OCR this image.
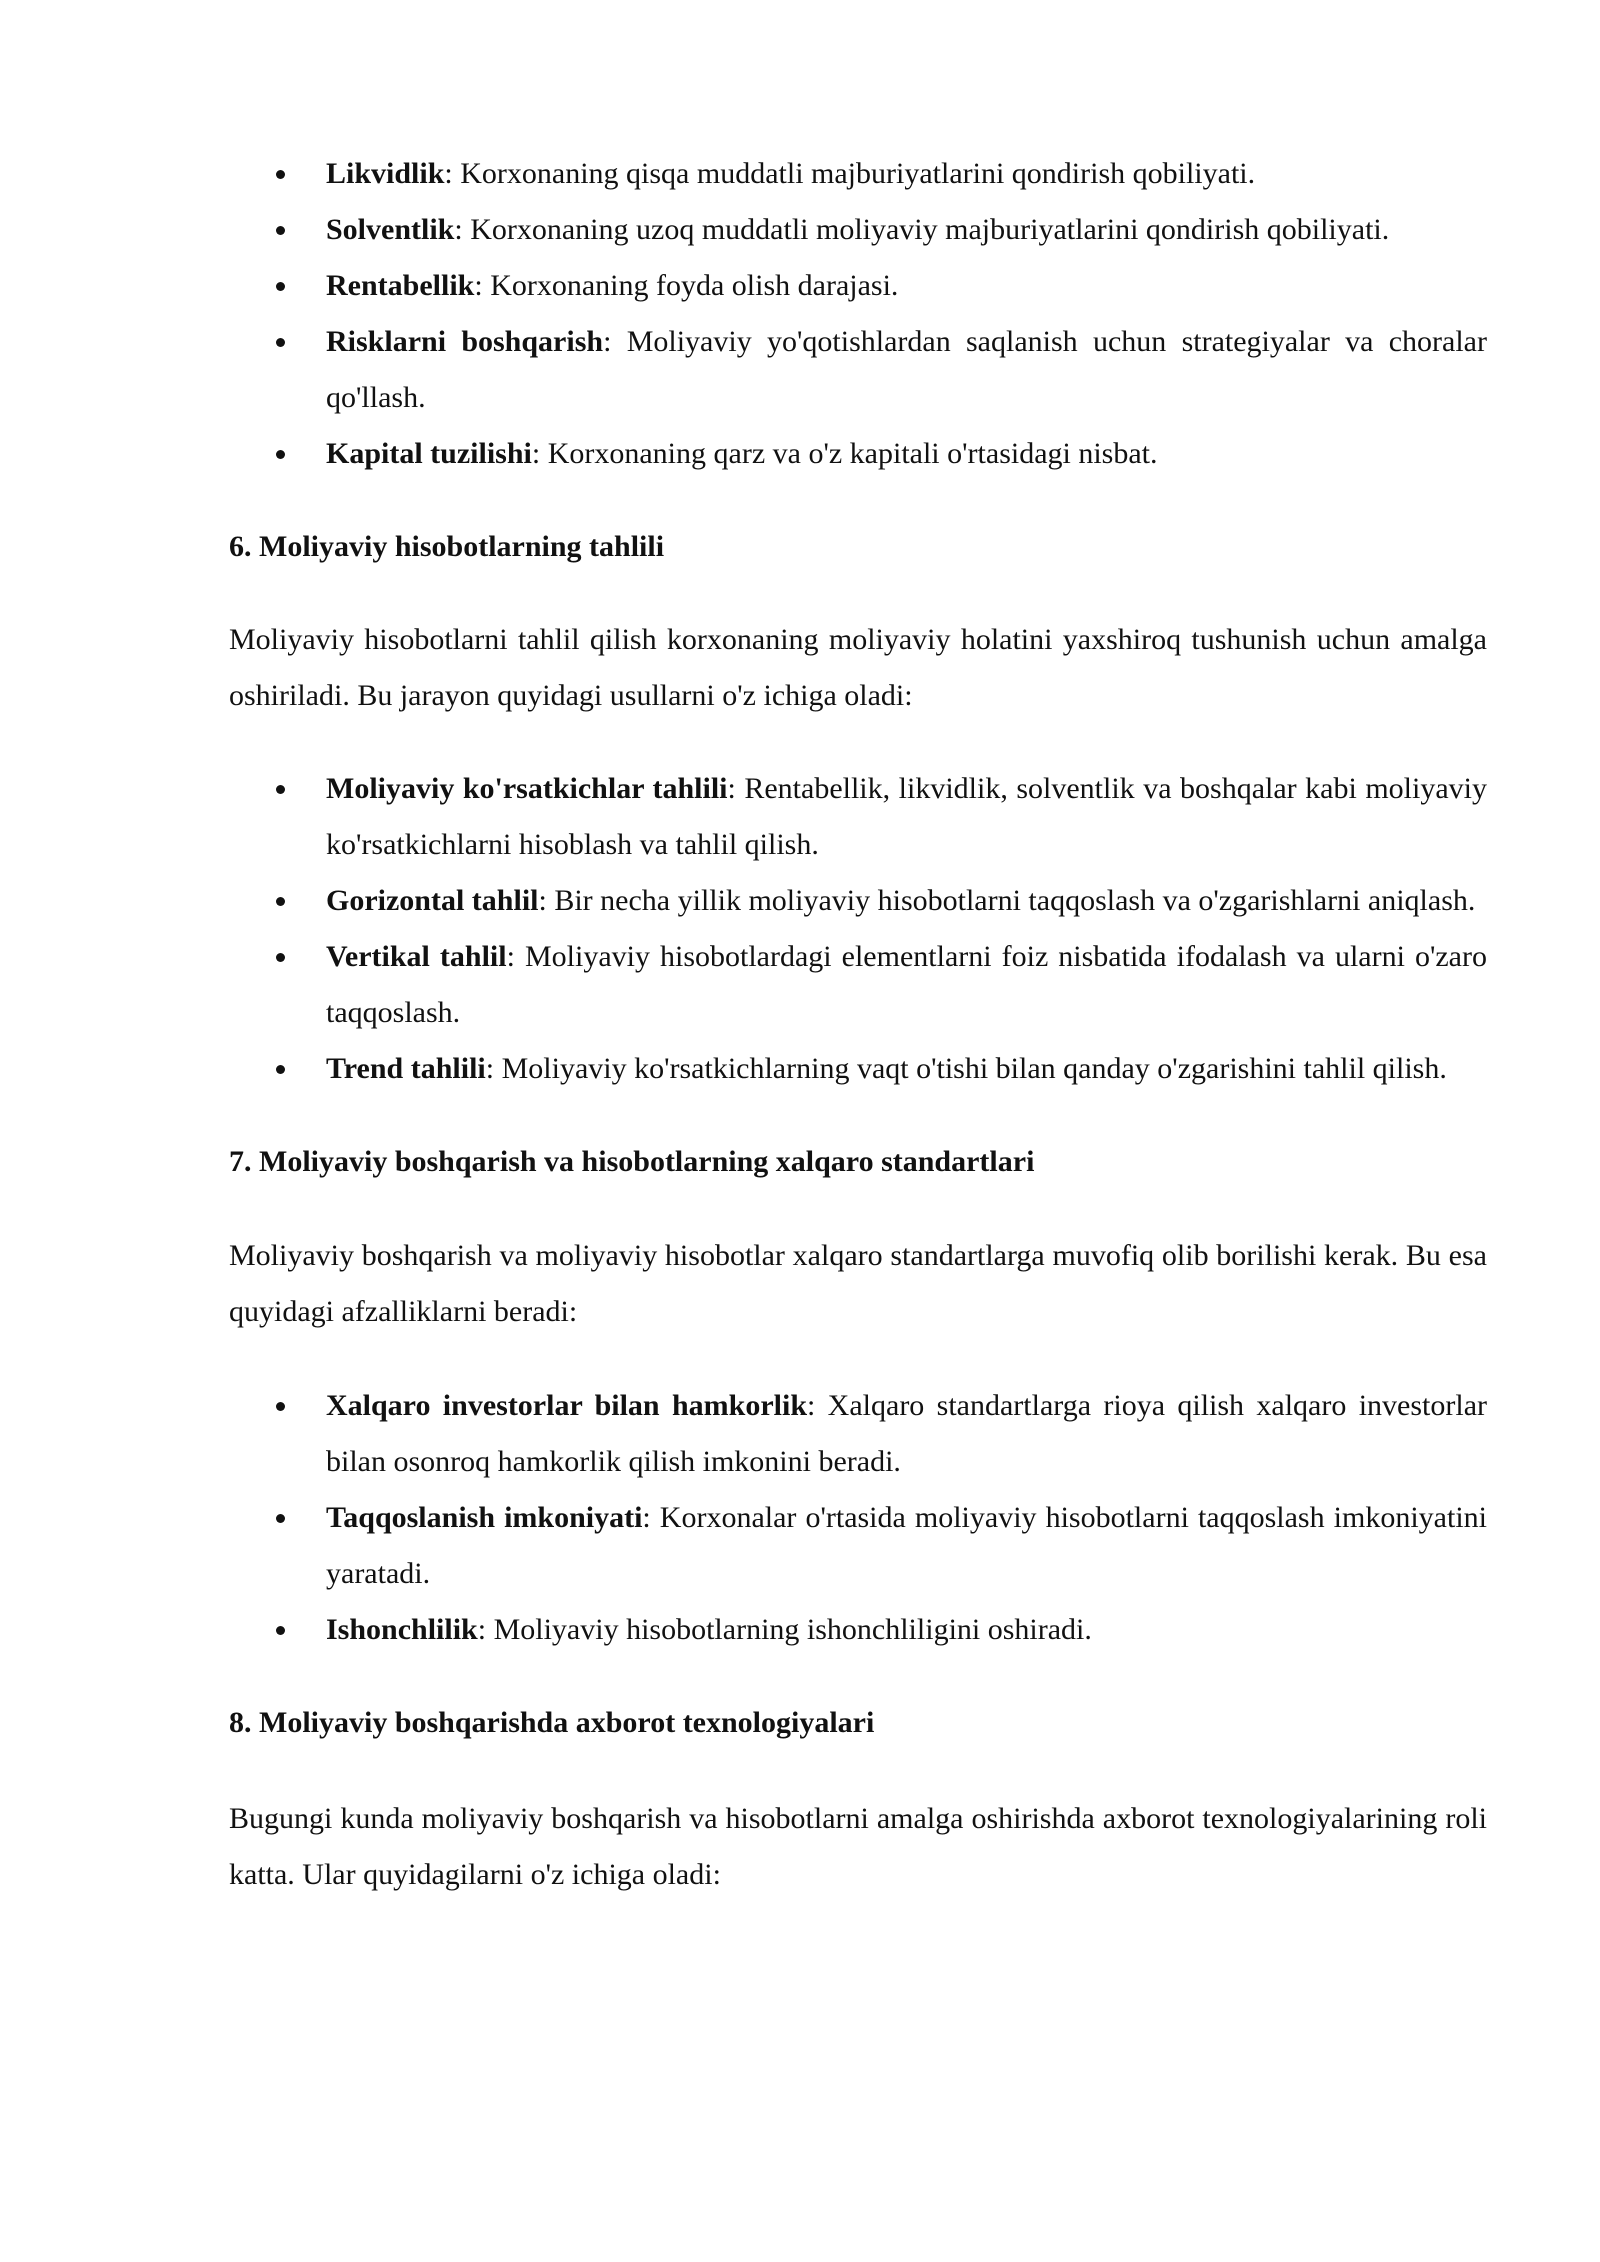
Likvidlik: Korxonaning qisqa muddatli majburiyatlarini qondirish qobiliyati.
Solventlik: Korxonaning uzoq muddatli moliyaviy majburiyatlarini qondirish qobiliyati.
Rentabellik: Korxonaning foyda olish darajasi.
Risklarni boshqarish: Moliyaviy yo'qotishlardan saqlanish uchun strategiyalar va choralar qo'llash.
Kapital tuzilishi: Korxonaning qarz va o'z kapitali o'rtasidagi nisbat.

6. Moliyaviy hisobotlarning tahlili

Moliyaviy hisobotlarni tahlil qilish korxonaning moliyaviy holatini yaxshiroq tushunish uchun amalga oshiriladi. Bu jarayon quyidagi usullarni o'z ichiga oladi:

Moliyaviy ko'rsatkichlar tahlili: Rentabellik, likvidlik, solventlik va boshqalar kabi moliyaviy ko'rsatkichlarni hisoblash va tahlil qilish.
Gorizontal tahlil: Bir necha yillik moliyaviy hisobotlarni taqqoslash va o'zgarishlarni aniqlash.
Vertikal tahlil: Moliyaviy hisobotlardagi elementlarni foiz nisbatida ifodalash va ularni o'zaro taqqoslash.
Trend tahlili: Moliyaviy ko'rsatkichlarning vaqt o'tishi bilan qanday o'zgarishini tahlil qilish.

7. Moliyaviy boshqarish va hisobotlarning xalqaro standartlari

Moliyaviy boshqarish va moliyaviy hisobotlar xalqaro standartlarga muvofiq olib borilishi kerak. Bu esa quyidagi afzalliklarni beradi:

Xalqaro investorlar bilan hamkorlik: Xalqaro standartlarga rioya qilish xalqaro investorlar bilan osonroq hamkorlik qilish imkonini beradi.
Taqqoslanish imkoniyati: Korxonalar o'rtasida moliyaviy hisobotlarni taqqoslash imkoniyatini yaratadi.
Ishonchlilik: Moliyaviy hisobotlarning ishonchliligini oshiradi.

8. Moliyaviy boshqarishda axborot texnologiyalari

Bugungi kunda moliyaviy boshqarish va hisobotlarni amalga oshirishda axborot texnologiyalarining roli katta. Ular quyidagilarni o'z ichiga oladi:
